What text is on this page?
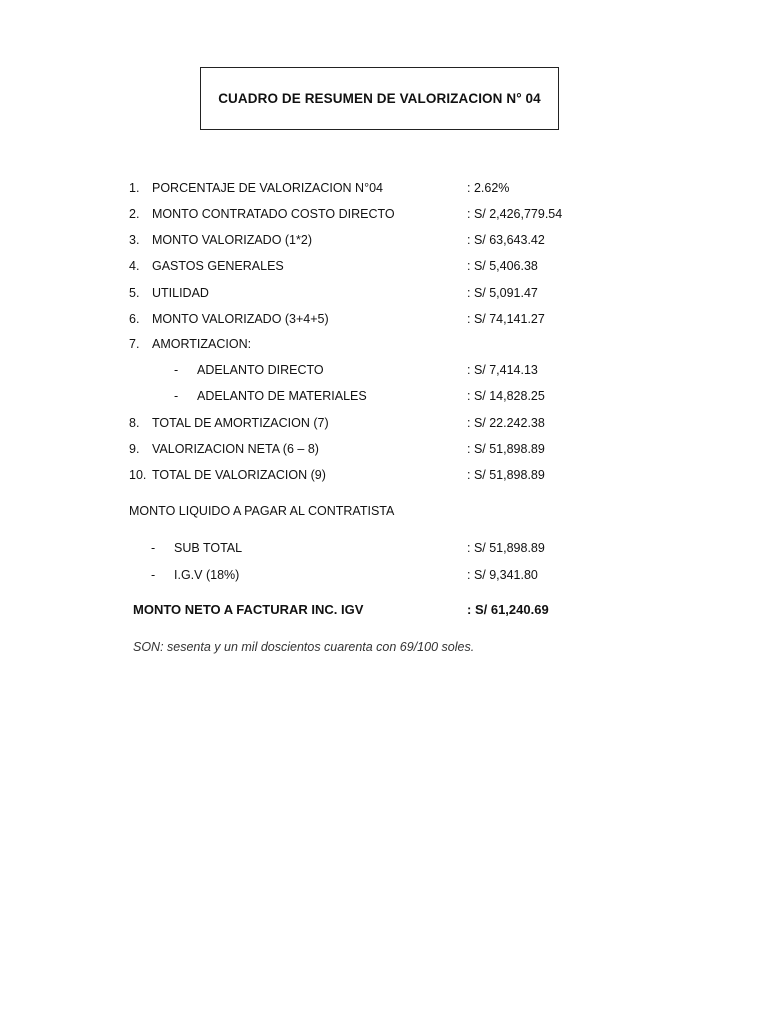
CUADRO DE RESUMEN DE VALORIZACION N° 04
1. PORCENTAJE DE VALORIZACION N°04	: 2.62%
2. MONTO CONTRATADO COSTO DIRECTO	: S/ 2,426,779.54
3. MONTO VALORIZADO (1*2)	: S/ 63,643.42
4. GASTOS GENERALES	: S/ 5,406.38
5. UTILIDAD	: S/ 5,091.47
6. MONTO VALORIZADO (3+4+5)	: S/ 74,141.27
7. AMORTIZACION:
- ADELANTO DIRECTO	: S/ 7,414.13
- ADELANTO DE MATERIALES	: S/ 14,828.25
8. TOTAL DE AMORTIZACION (7)	: S/ 22.242.38
9. VALORIZACION NETA (6 – 8)	: S/ 51,898.89
10. TOTAL DE VALORIZACION (9)	: S/ 51,898.89
MONTO LIQUIDO A PAGAR AL CONTRATISTA
- SUB TOTAL	: S/ 51,898.89
- I.G.V (18%)	: S/ 9,341.80
MONTO NETO A FACTURAR INC. IGV	: S/ 61,240.69
SON: sesenta y un mil doscientos cuarenta con 69/100 soles.
